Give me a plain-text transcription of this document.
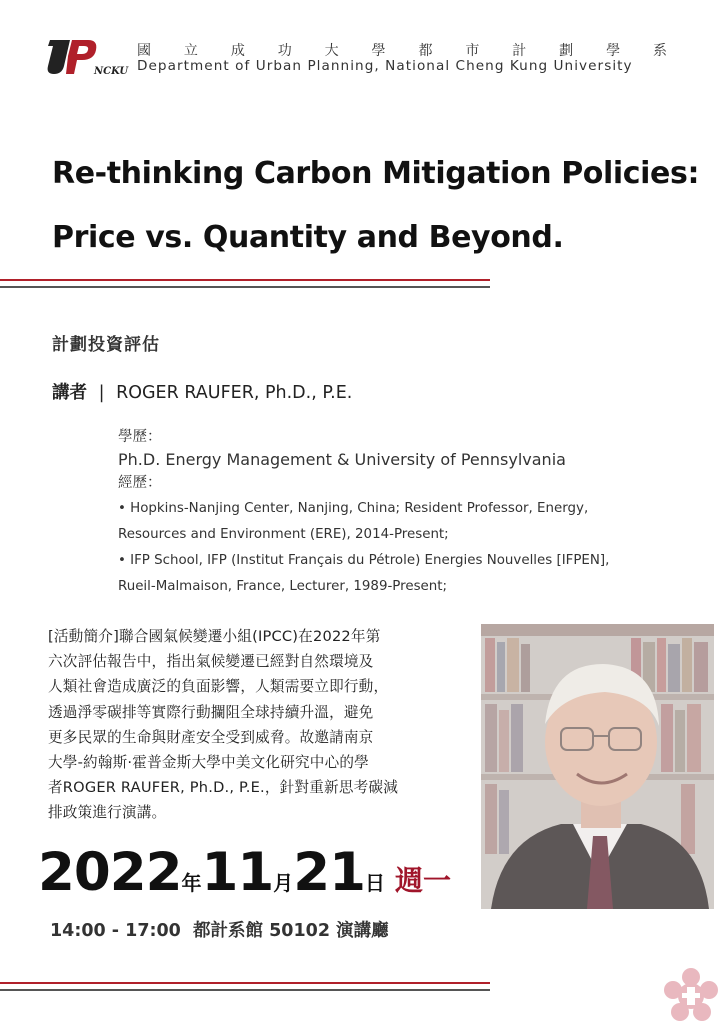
NCKU
國 立 成 功 大 學 都 市 計 劃 學 系
Department of Urban Planning, National Cheng Kung University
Re-thinking Carbon Mitigation Policies:
Price vs. Quantity and Beyond.
計劃投資評估
講者 | ROGER RAUFER, Ph.D., P.E.
學歷：
Ph.D. Energy Management & University of Pennsylvania
經歷：
• Hopkins-Nanjing Center, Nanjing, China; Resident Professor, Energy,
Resources and Environment (ERE), 2014-Present;
• IFP School, IFP (Institut Français du Pétrole) Energies Nouvelles [IFPEN],
Rueil-Malmaison, France, Lecturer, 1989-Present;
[活動簡介]聯合國氣候變遷小組(IPCC)在2022年第
六次評估報告中，指出氣候變遷已經對自然環境及
人類社會造成廣泛的負面影響，人類需要立即行動，
透過淨零碳排等實際行動攔阻全球持續升溫，避免
更多民眾的生命與財產安全受到威脅。故邀請南京
大學-約翰斯·霍普金斯大學中美文化研究中心的學
者ROGER RAUFER, Ph.D., P.E.，針對重新思考碳減
排政策進行演講。
2022年11月21日 週一
14:00 - 17:00  都計系館 50102 演講廳
